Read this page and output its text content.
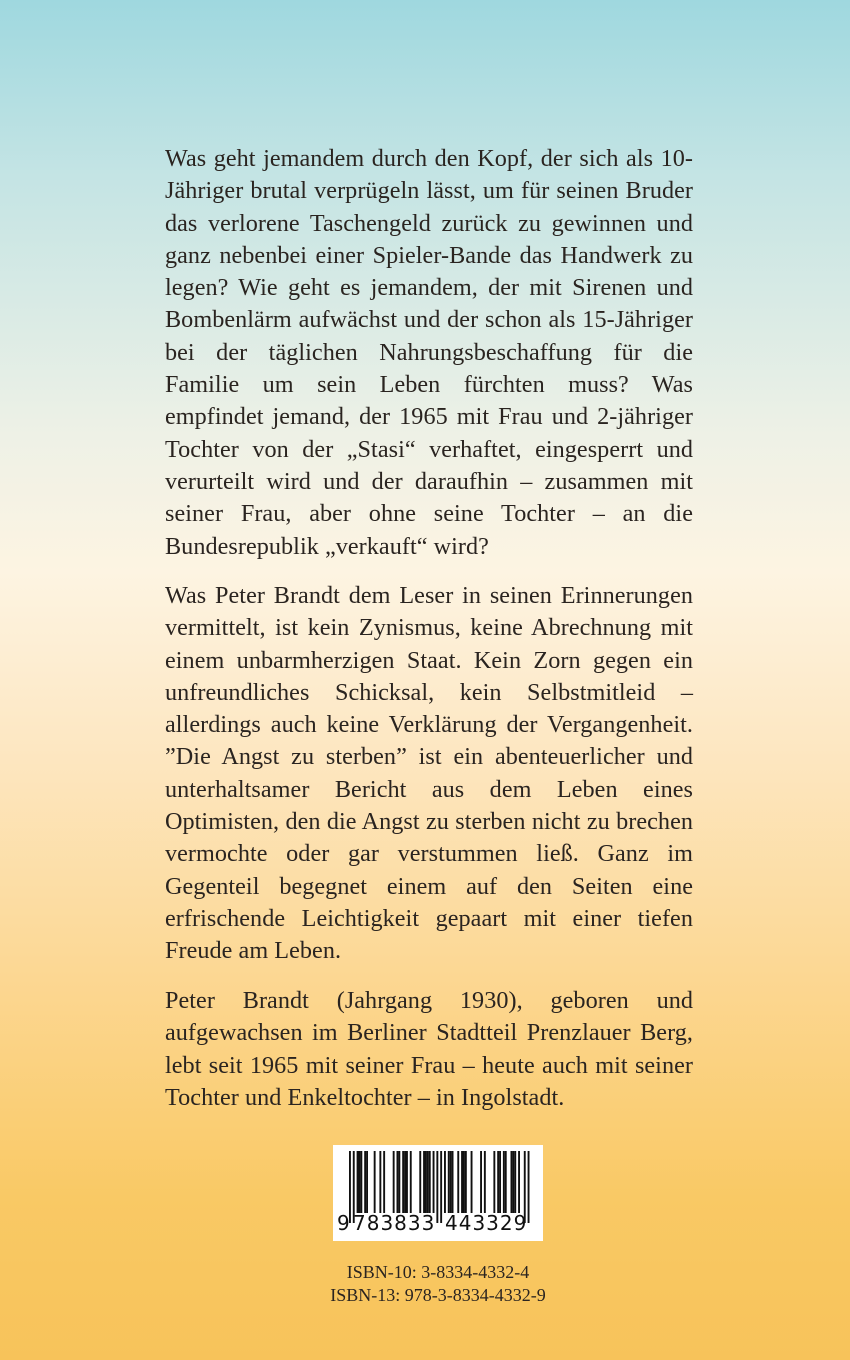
Was geht jemandem durch den Kopf, der sich als 10-Jähriger brutal verprügeln lässt, um für seinen Bruder das verlorene Taschengeld zurück zu gewinnen und ganz nebenbei einer Spieler-Bande das Handwerk zu legen? Wie geht es jemandem, der mit Sirenen und Bombenlärm aufwächst und der schon als 15-Jähriger bei der täglichen Nahrungsbeschaffung für die Familie um sein Leben fürchten muss? Was empfindet jemand, der 1965 mit Frau und 2-jähriger Tochter von der „Stasi“ verhaftet, eingesperrt und verurteilt wird und der daraufhin – zusammen mit seiner Frau, aber ohne seine Tochter – an die Bundesrepublik „verkauft“ wird?

Was Peter Brandt dem Leser in seinen Erinnerungen vermittelt, ist kein Zynismus, keine Abrechnung mit einem unbarmherzigen Staat. Kein Zorn gegen ein unfreundliches Schicksal, kein Selbstmitleid – allerdings auch keine Verklärung der Vergangenheit. ”Die Angst zu sterben” ist ein abenteuerlicher und unterhaltsamer Bericht aus dem Leben eines Optimisten, den die Angst zu sterben nicht zu brechen vermochte oder gar verstummen ließ. Ganz im Gegenteil begegnet einem auf den Seiten eine erfrischende Leichtigkeit gepaart mit einer tiefen Freude am Leben.

Peter Brandt (Jahrgang 1930), geboren und aufgewachsen im Berliner Stadtteil Prenzlauer Berg, lebt seit 1965 mit seiner Frau – heute auch mit seiner Tochter und Enkeltochter – in Ingolstadt.

9 783833 443329
ISBN-10: 3-8334-4332-4
ISBN-13: 978-3-8334-4332-9
